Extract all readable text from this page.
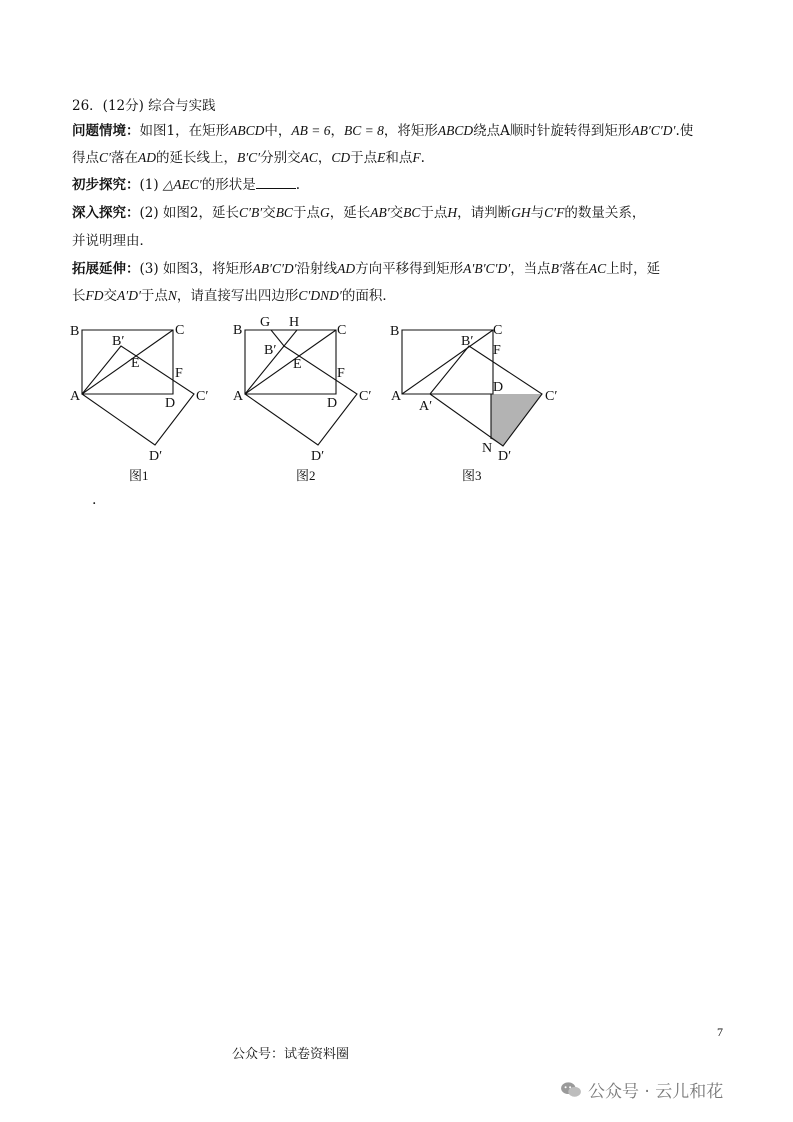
26．(12分) 综合与实践
问题情境：如图1，在矩形ABCD中，AB = 6，BC = 8，将矩形ABCD绕点A顺时针旋转得到矩形AB′C′D′.使
得点C′落在AD的延长线上，B′C′分别交AC，CD于点E和点F.
初步探究：(1) △AEC′的形状是	.
深入探究：(2) 如图2，延长C′B′交BC于点G，延长AB′交BC于点H，请判断GH与C′F的数量关系，
并说明理由．
拓展延伸：(3) 如图3，将矩形AB′C′D′沿射线AD方向平移得到矩形A′B′C′D′，当点B′落在AC上时，延
长FD交A′D′于点N，请直接写出四边形C′DND′的面积．
B
B′
C
E
F
A	D C′
D′
图1
G H
B
B′
C
E
F
A	D C′
D′
图2
B
B′
C
F
D
A
A′
C′
N
D′
图3
.
7
公众号：试卷资料圈
公众号 · 云儿和花
